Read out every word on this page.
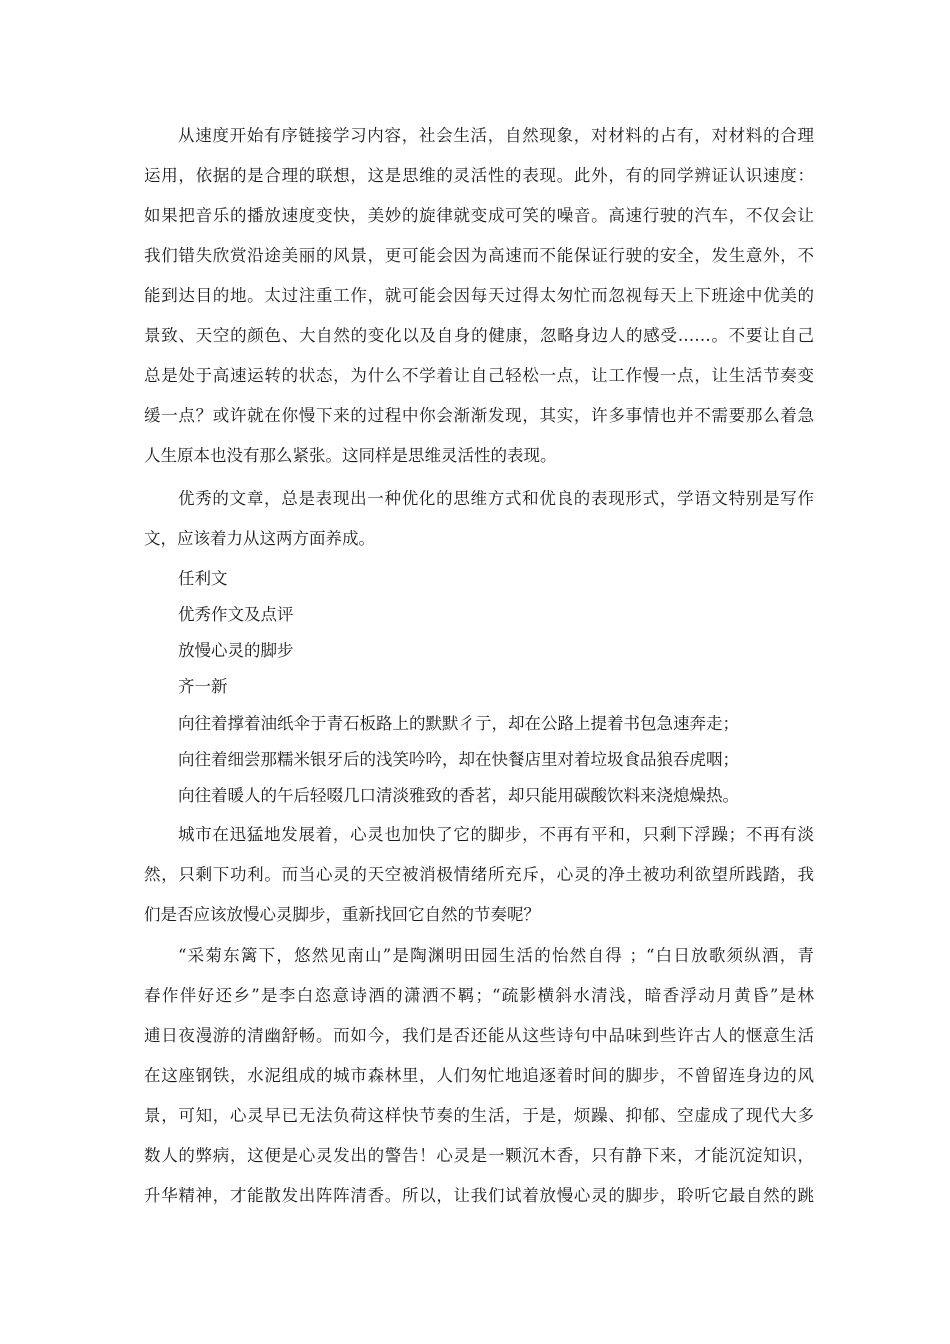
从速度开始有序链接学习内容，社会生活，自然现象，对材料的占有，对材料的合理
运用，依据的是合理的联想，这是思维的灵活性的表现。此外，有的同学辨证认识速度：
如果把音乐的播放速度变快，美妙的旋律就变成可笑的噪音。高速行驶的汽车，不仅会让
我们错失欣赏沿途美丽的风景，更可能会因为高速而不能保证行驶的安全，发生意外，不
能到达目的地。太过注重工作，就可能会因每天过得太匆忙而忽视每天上下班途中优美的
景致、天空的颜色、大自然的变化以及自身的健康，忽略身边人的感受……。不要让自己
总是处于高速运转的状态，为什么不学着让自己轻松一点，让工作慢一点，让生活节奏变
缓一点？或许就在你慢下来的过程中你会渐渐发现，其实，许多事情也并不需要那么着急
人生原本也没有那么紧张。这同样是思维灵活性的表现。
优秀的文章，总是表现出一种优化的思维方式和优良的表现形式，学语文特别是写作
文，应该着力从这两方面养成。
任利文
优秀作文及点评
放慢心灵的脚步
齐一新
向往着撑着油纸伞于青石板路上的默默彳亍，却在公路上提着书包急速奔走；
向往着细尝那糯米银牙后的浅笑吟吟，却在快餐店里对着垃圾食品狼吞虎咽；
向往着暖人的午后轻啜几口清淡雅致的香茗，却只能用碳酸饮料来浇熄燥热。
城市在迅猛地发展着，心灵也加快了它的脚步，不再有平和，只剩下浮躁；不再有淡
然，只剩下功利。而当心灵的天空被消极情绪所充斥，心灵的净土被功利欲望所践踏，我
们是否应该放慢心灵脚步，重新找回它自然的节奏呢？
“采菊东篱下，悠然见南山”是陶渊明田园生活的怡然自得 ；“白日放歌须纵酒，青
春作伴好还乡”是李白恣意诗酒的潇洒不羁；“疏影横斜水清浅，暗香浮动月黄昏”是林
逋日夜漫游的清幽舒畅。而如今，我们是否还能从这些诗句中品味到些许古人的惬意生活
在这座钢铁，水泥组成的城市森林里，人们匆忙地追逐着时间的脚步，不曾留连身边的风
景，可知，心灵早已无法负荷这样快节奏的生活，于是，烦躁、抑郁、空虚成了现代大多
数人的弊病，这便是心灵发出的警告！心灵是一颗沉木香，只有静下来，才能沉淀知识，
升华精神，才能散发出阵阵清香。所以，让我们试着放慢心灵的脚步，聆听它最自然的跳
